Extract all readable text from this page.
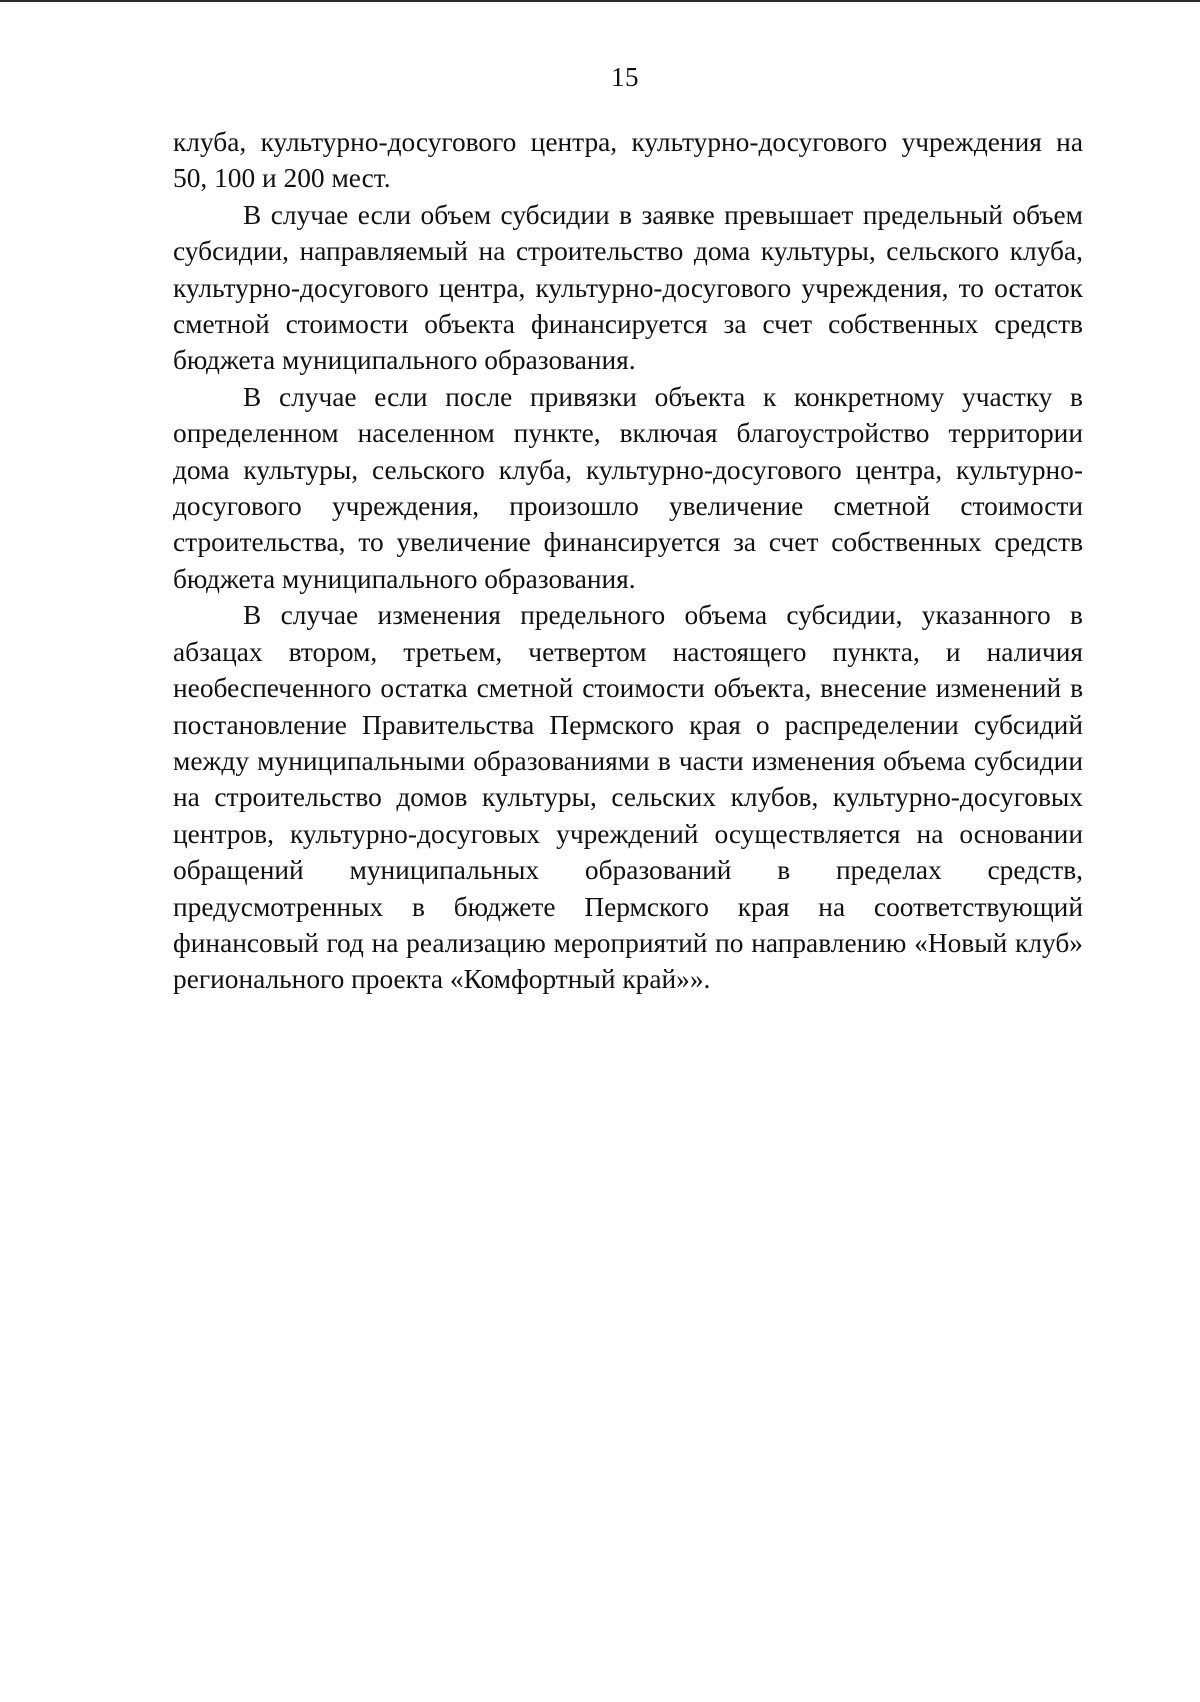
15

клуба, культурно-досугового центра, культурно-досугового учреждения на 50, 100 и 200 мест.

В случае если объем субсидии в заявке превышает предельный объем субсидии, направляемый на строительство дома культуры, сельского клуба, культурно-досугового центра, культурно-досугового учреждения, то остаток сметной стоимости объекта финансируется за счет собственных средств бюджета муниципального образования.

В случае если после привязки объекта к конкретному участку в определенном населенном пункте, включая благоустройство территории дома культуры, сельского клуба, культурно-досугового центра, культурно-досугового учреждения, произошло увеличение сметной стоимости строительства, то увеличение финансируется за счет собственных средств бюджета муниципального образования.

В случае изменения предельного объема субсидии, указанного в абзацах втором, третьем, четвертом настоящего пункта, и наличия необеспеченного остатка сметной стоимости объекта, внесение изменений в постановление Правительства Пермского края о распределении субсидий между муниципальными образованиями в части изменения объема субсидии на строительство домов культуры, сельских клубов, культурно-досуговых центров, культурно-досуговых учреждений осуществляется на основании обращений муниципальных образований в пределах средств, предусмотренных в бюджете Пермского края на соответствующий финансовый год на реализацию мероприятий по направлению «Новый клуб» регионального проекта «Комфортный край»».
